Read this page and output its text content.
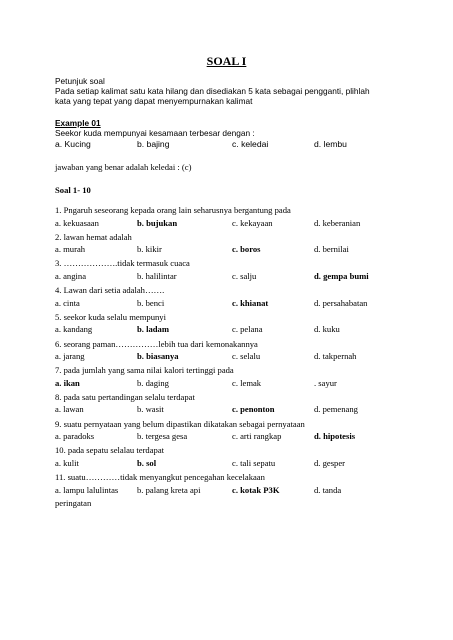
SOAL I
Petunjuk soal
Pada setiap kalimat satu kata hilang dan disediakan 5 kata sebagai pengganti, plihlah
kata yang tepat yang dapat menyempurnakan kalimat
Example 01
Seekor kuda mempunyai kesamaan terbesar dengan :
a. Kucing	b. bajing	c. keledai	d. lembu
jawaban yang benar adalah keledai : (c)
Soal 1- 10
1. Pngaruh seseorang kepada orang lain seharusnya bergantung pada
a. kekuasaan	b. bujukan	c. kekayaan	d. keberanian
2. lawan hemat adalah
a. murah	b. kikir	c. boros	d. bernilai
3. ……………….tidak termasuk cuaca
a. angina	b. halilintar	c. salju	d. gempa bumi
4. Lawan dari setia adalah…….
a. cinta	b. benci	c. khianat	d. persahabatan
5. seekor kuda selalu mempunyi
a. kandang	b. ladam	c. pelana	d. kuku
6. seorang paman……………lebih tua dari kemonakannya
a. jarang	b. biasanya	c. selalu	d. takpernah
7. pada jumlah yang sama nilai kalori tertinggi pada
a. ikan	b. daging	c. lemak	. sayur
8. pada satu pertandingan selalu terdapat
a. lawan	b. wasit	c. penonton	d. pemenang
9. suatu pernyataan yang belum dipastikan dikatakan sebagai pernyataan
a. paradoks	b. tergesa gesa	c. arti rangkap	d. hipotesis
10. pada sepatu selalau terdapat
a. kulit	b. sol	c. tali sepatu	d. gesper
11. suatu…………tidak menyangkut pencegahan kecelakaan
a. lampu lalulintas b. palang kreta api	c. kotak P3K	d. tanda
peringatan
